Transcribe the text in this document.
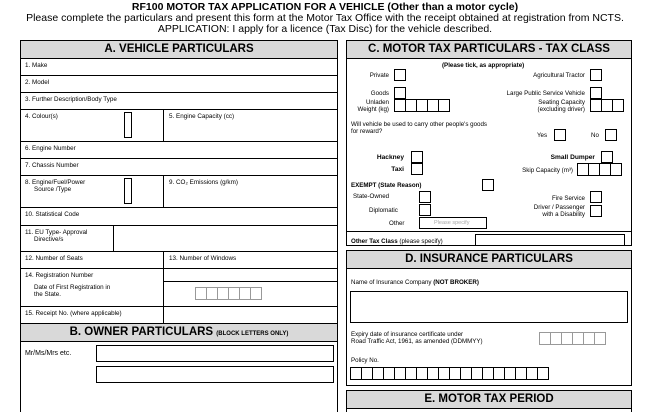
RF100 MOTOR TAX APPLICATION FOR A VEHICLE (Other than a motor cycle)
Please complete the particulars and present this form at the Motor Tax Office with the receipt obtained at registration from NCTS.
APPLICATION: I apply for a licence (Tax Disc) for the vehicle described.
A. VEHICLE PARTICULARS
1. Make
2. Model
3. Further Description/Body Type
4. Colour(s)	5. Engine Capacity (cc)
6. Engine Number
7. Chassis Number
8. Engine/Fuel/Power
Source /Type
9. CO₂ Emissions (g/km)
10. Statistical Code
11. EU Type- Approval
Directive/s
12. Number of Seats	13. Number of Windows
14. Registration Number
Date of First Registration in
the State.
15. Receipt No. (where applicable)
B. OWNER PARTICULARS (BLOCK LETTERS ONLY)
Mr/Ms/Mrs etc.
C. MOTOR TAX PARTICULARS - TAX CLASS
(Please tick, as appropriate)
Private	Agricultural Tractor
Goods	Large Public Service Vehicle
Unladen
Weight (kg)
Seating Capacity
(excluding driver)
Will vehicle be used to carry other people's goods
for reward?
Yes	No
Hackney
Taxi
Small Dumper
Skip Capacity (m³)
EXEMPT (State Reason)
State-Owned
Diplomatic
Other	Please specify
Fire Service
Driver / Passenger
with a Disability
Other Tax Class (please specify)
D. INSURANCE PARTICULARS
Name of Insurance Company (NOT BROKER)
Expiry date of insurance certificate under
Road Traffic Act, 1961, as amended (DDMMYY)
Policy No.
E. MOTOR TAX PERIOD
